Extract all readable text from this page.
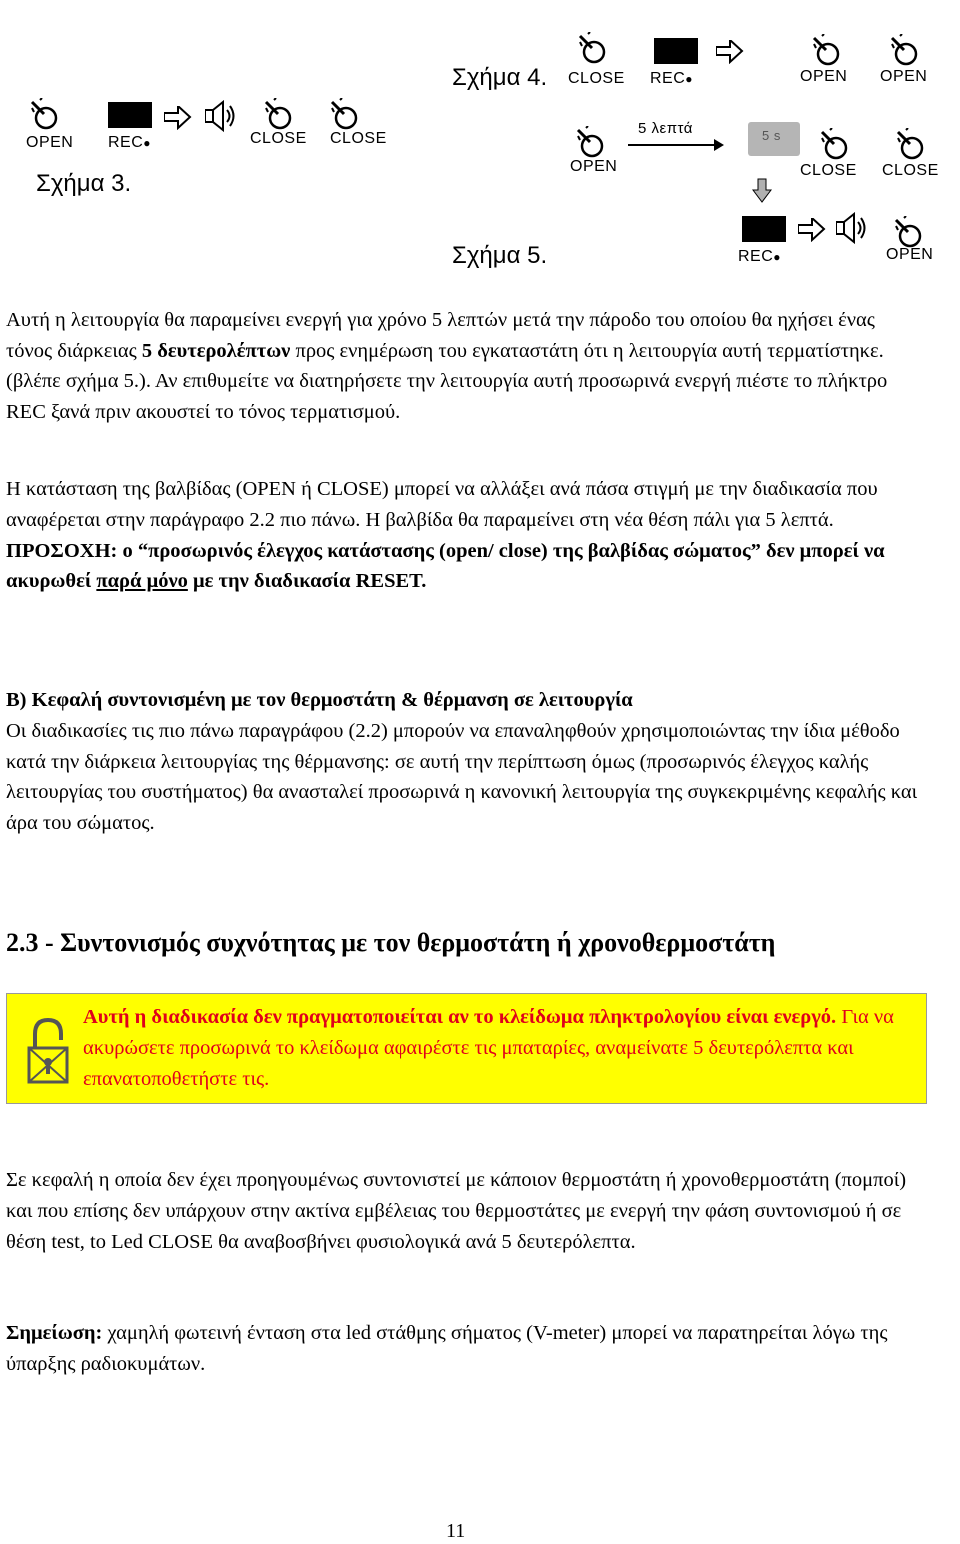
OPEN REC●	CLOSE CLOSE
Σχήμα 3.
Σχήμα 4. CLOSE REC●	OPEN OPEN
5 λεπτά	5 s
OPEN	CLOSE CLOSE
REC●	OPEN
Σχήμα 5.

Αυτή η λειτουργία θα παραμείνει ενεργή για χρόνο 5 λεπτών μετά την πάροδο του οποίου θα ηχήσει ένας τόνος διάρκειας 5 δευτερολέπτων προς ενημέρωση του εγκαταστάτη ότι η λειτουργία αυτή τερματίστηκε. (βλέπε σχήμα 5.). Αν επιθυμείτε να διατηρήσετε την λειτουργία αυτή προσωρινά ενεργή πιέστε το πλήκτρο REC ξανά πριν ακουστεί το τόνος τερματισμού.

Η κατάσταση της βαλβίδας (OPEN ή CLOSE) μπορεί να αλλάξει ανά πάσα στιγμή με την διαδικασία που αναφέρεται στην παράγραφο 2.2 πιο πάνω. Η βαλβίδα θα παραμείνει στη νέα θέση πάλι για 5 λεπτά. ΠΡΟΣΟΧΗ: ο “προσωρινός έλεγχος κατάστασης (open/ close) της βαλβίδας σώματος” δεν μπορεί να ακυρωθεί παρά μόνο με την διαδικασία RESET.

B) Κεφαλή συντονισμένη με τον θερμοστάτη & θέρμανση σε λειτουργία

Οι διαδικασίες τις πιο πάνω παραγράφου (2.2) μπορούν να επαναληφθούν χρησιμοποιώντας την ίδια μέθοδο κατά την διάρκεια λειτουργίας της θέρμανσης: σε αυτή την περίπτωση όμως (προσωρινός έλεγχος καλής λειτουργίας του συστήματος) θα ανασταλεί προσωρινά η κανονική λειτουργία της συγκεκριμένης κεφαλής και άρα του σώματος.

2.3 - Συντονισμός συχνότητας με τον θερμοστάτη ή χρονοθερμοστάτη
Αυτή η διαδικασία δεν πραγματοποιείται αν το κλείδωμα πληκτρολογίου είναι ενεργό. Για να ακυρώσετε προσωρινά το κλείδωμα αφαιρέστε τις μπαταρίες, αναμείνατε 5 δευτερόλεπτα και επανατοποθετήστε τις.

Σε κεφαλή η οποία δεν έχει προηγουμένως συντονιστεί με κάποιον θερμοστάτη ή χρονοθερμοστάτη (πομποί) και που επίσης δεν υπάρχουν στην ακτίνα εμβέλειας του θερμοστάτες με ενεργή την φάση συντονισμού ή σε θέση test, to Led CLOSE θα αναβοσβήνει φυσιολογικά ανά 5 δευτερόλεπτα.

Σημείωση: χαμηλή φωτεινή ένταση στα led στάθμης σήματος (V-meter) μπορεί να παρατηρείται λόγω της ύπαρξης ραδιοκυμάτων.

11
